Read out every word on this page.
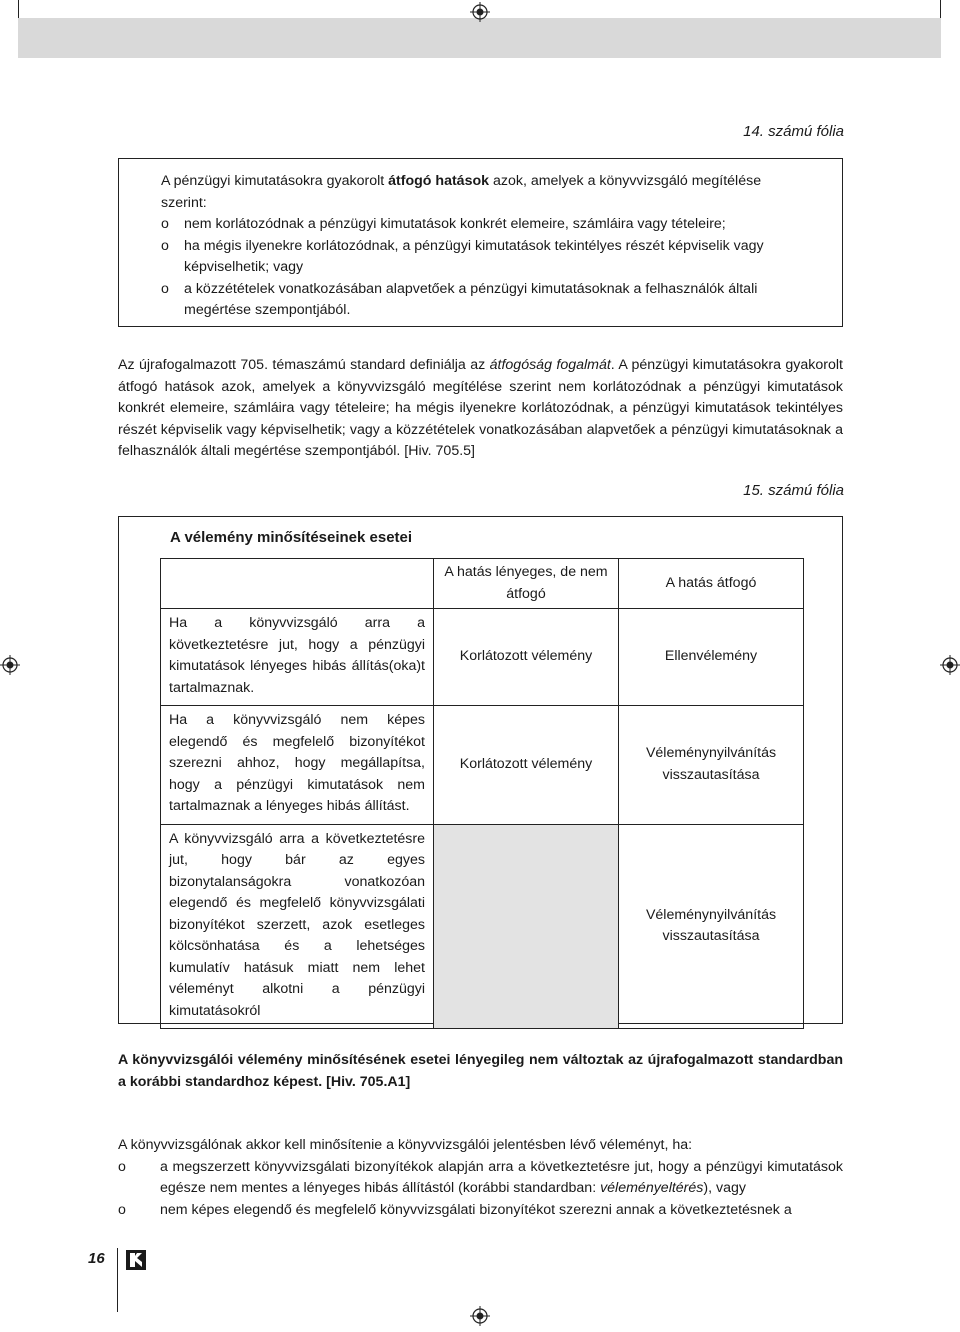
14. számú fólia
A pénzügyi kimutatásokra gyakorolt átfogó hatások azok, amelyek a könyvvizsgáló megítélése szerint:
o	nem korlátozódnak a pénzügyi kimutatások konkrét elemeire, számláira vagy tételeire;
o	ha mégis ilyenekre korlátozódnak, a pénzügyi kimutatások tekintélyes részét képviselik vagy képviselhetik; vagy
o	a közzétételek vonatkozásában alapvetőek a pénzügyi kimutatásoknak a felhasználók általi megértése szempontjából.
Az újrafogalmazott 705. témaszámú standard definiálja az átfogóság fogalmát. A pénzügyi kimutatásokra gyakorolt átfogó hatások azok, amelyek a könyvvizsgáló megítélése szerint nem korlátozódnak a pénzügyi kimutatások konkrét elemeire, számláira vagy tételeire; ha mégis ilyenekre korlátozódnak, a pénzügyi kimutatások tekintélyes részét képviselik vagy képviselhetik; vagy a közzétételek vonatkozásában alapvetőek a pénzügyi kimutatásoknak a felhasználók általi megértése szempontjából. [Hiv. 705.5]
15. számú fólia
A vélemény minősítéseinek esetei
	A hatás lényeges, de nem átfogó	A hatás átfogó
Ha a könyvvizsgáló arra a következtetésre jut, hogy a pénzügyi kimutatások lényeges hibás állítás(oka)t tartalmaznak.	Korlátozott vélemény	Ellenvélemény
Ha a könyvvizsgáló nem képes elegendő és megfelelő bizonyítékot szerezni ahhoz, hogy megállapítsa, hogy a pénzügyi kimutatások nem tartalmaznak a lényeges hibás állítást.	Korlátozott vélemény	Véleménynyilvánítás visszautasítása
A könyvvizsgáló arra a következtetésre jut, hogy bár az egyes bizonytalanságokra vonatkozóan elegendő és megfelelő könyvvizsgálati bizonyítékot szerzett, azok esetleges kölcsönhatása és a lehetséges kumulatív hatásuk miatt nem lehet véleményt alkotni a pénzügyi kimutatásokról		Véleménynyilvánítás visszautasítása
A könyvvizsgálói vélemény minősítésének esetei lényegileg nem változtak az újrafogalmazott standardban a korábbi standardhoz képest. [Hiv. 705.A1]
A könyvvizsgálónak akkor kell minősítenie a könyvvizsgálói jelentésben lévő véleményt, ha:
o	a megszerzett könyvvizsgálati bizonyítékok alapján arra a következtetésre jut, hogy a pénzügyi kimutatások egésze nem mentes a lényeges hibás állítástól (korábbi standardban: véleményeltérés), vagy
o	nem képes elegendő és megfelelő könyvvizsgálati bizonyítékot szerezni annak a következtetésnek a
16
